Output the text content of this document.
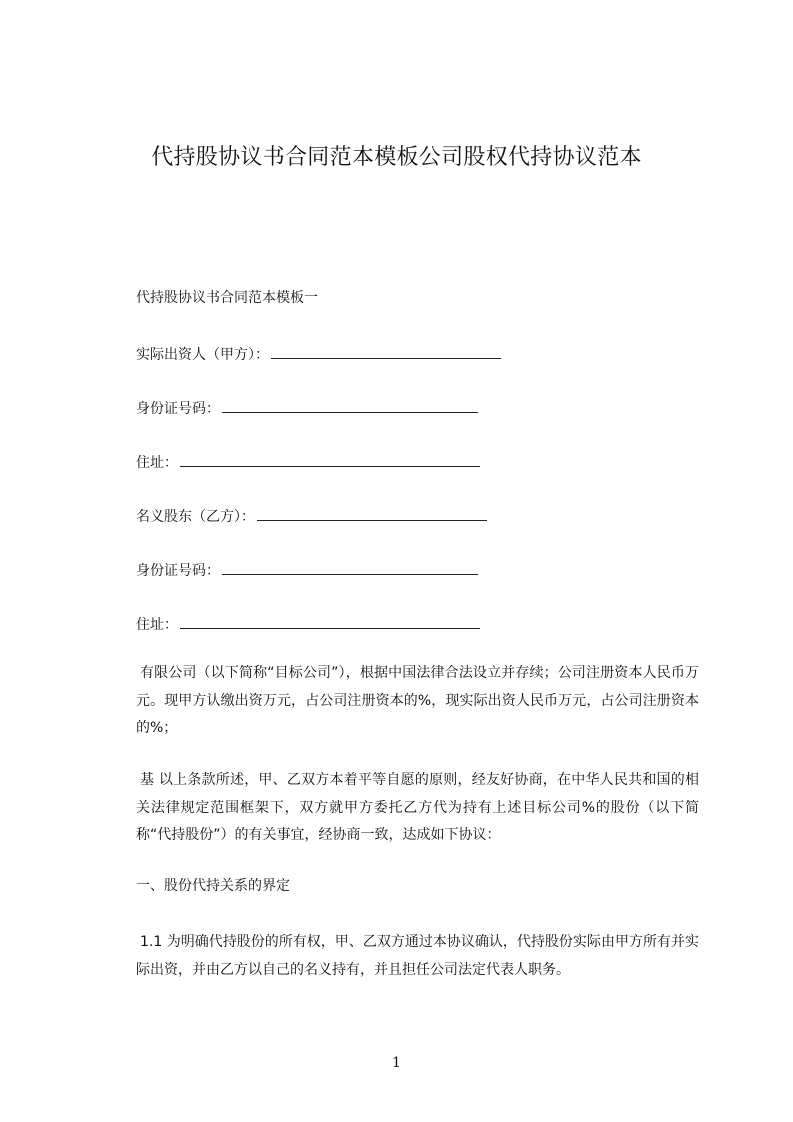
代持股协议书合同范本模板公司股权代持协议范本
代持股协议书合同范本模板一
实际出资人（甲方）：
身份证号码：
住址：
名义股东（乙方）：
身份证号码：
住址：
有限公司（以下简称“目标公司”），根据中国法律合法设立并存续；公司注册资本人民币万元。现甲方认缴出资万元，占公司注册资本的%，现实际出资人民币万元，占公司注册资本的%；
基 以上条款所述，甲、乙双方本着平等自愿的原则，经友好协商，在中华人民共和国的相关法律规定范围框架下，双方就甲方委托乙方代为持有上述目标公司%的股份（以下简称“代持股份”）的有关事宜，经协商一致，达成如下协议：
一、股份代持关系的界定
1.1 为明确代持股份的所有权，甲、乙双方通过本协议确认，代持股份实际由甲方所有并实际出资，并由乙方以自己的名义持有，并且担任公司法定代表人职务。
1
